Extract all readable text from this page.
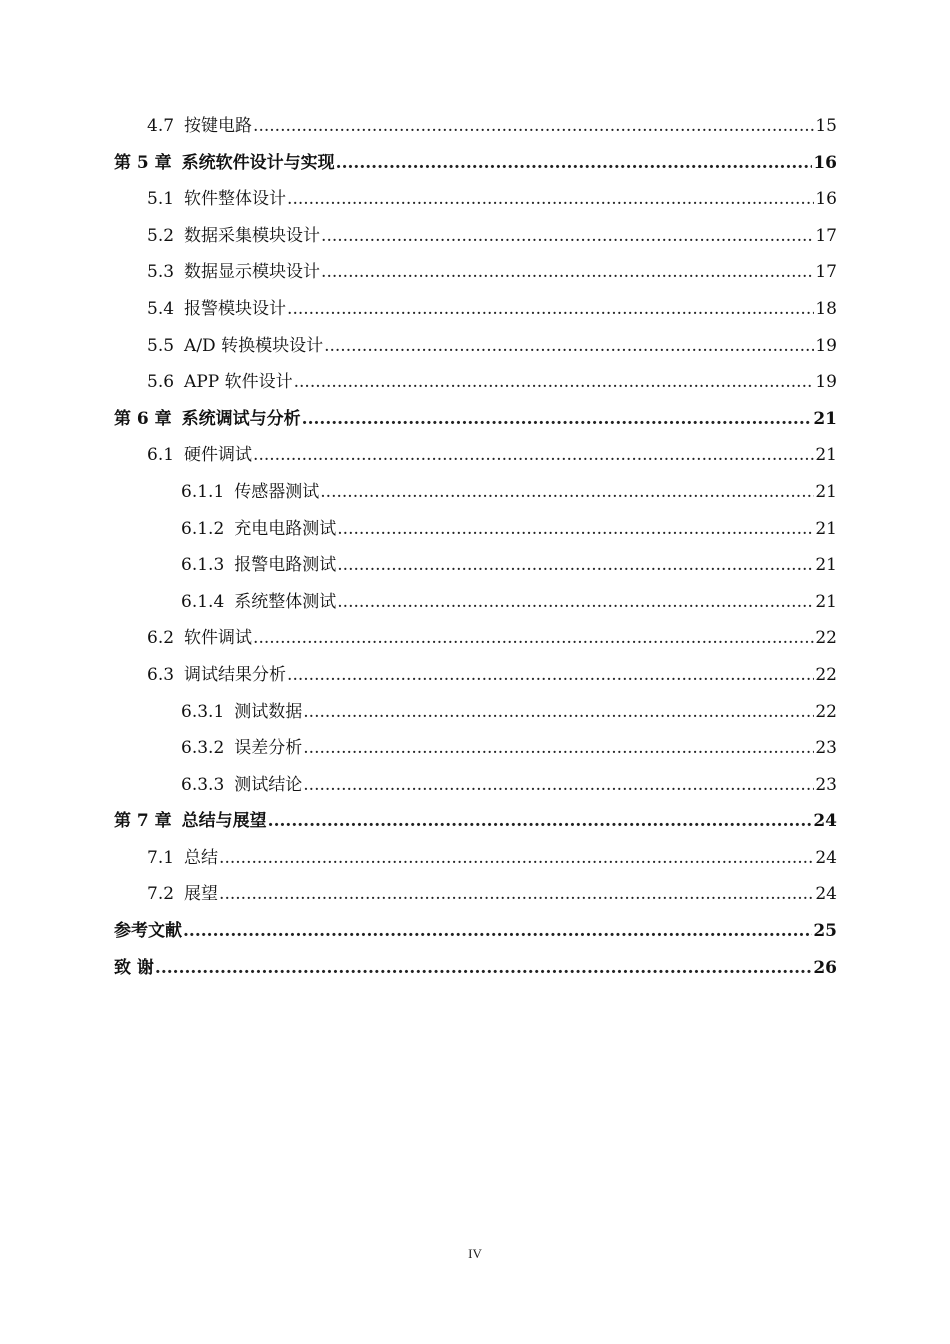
4.7 按键电路 .....	15
第 5 章 系统软件设计与实现 .....	16
5.1 软件整体设计 .....	16
5.2 数据采集模块设计 .....	17
5.3 数据显示模块设计 .....	17
5.4 报警模块设计 .....	18
5.5 A/D 转换模块设计 .....	19
5.6 APP 软件设计 .....	19
第 6 章 系统调试与分析 .....	21
6.1 硬件调试 .....	21
6.1.1 传感器测试 .....	21
6.1.2 充电电路测试 .....	21
6.1.3 报警电路测试 .....	21
6.1.4 系统整体测试 .....	21
6.2 软件调试 .....	22
6.3 调试结果分析 .....	22
6.3.1 测试数据 .....	22
6.3.2 误差分析 .....	23
6.3.3 测试结论 .....	23
第 7 章 总结与展望 .....	24
7.1 总结 .....	24
7.2 展望 .....	24
参考文献 .....	25
致 谢 .....	26
IV
